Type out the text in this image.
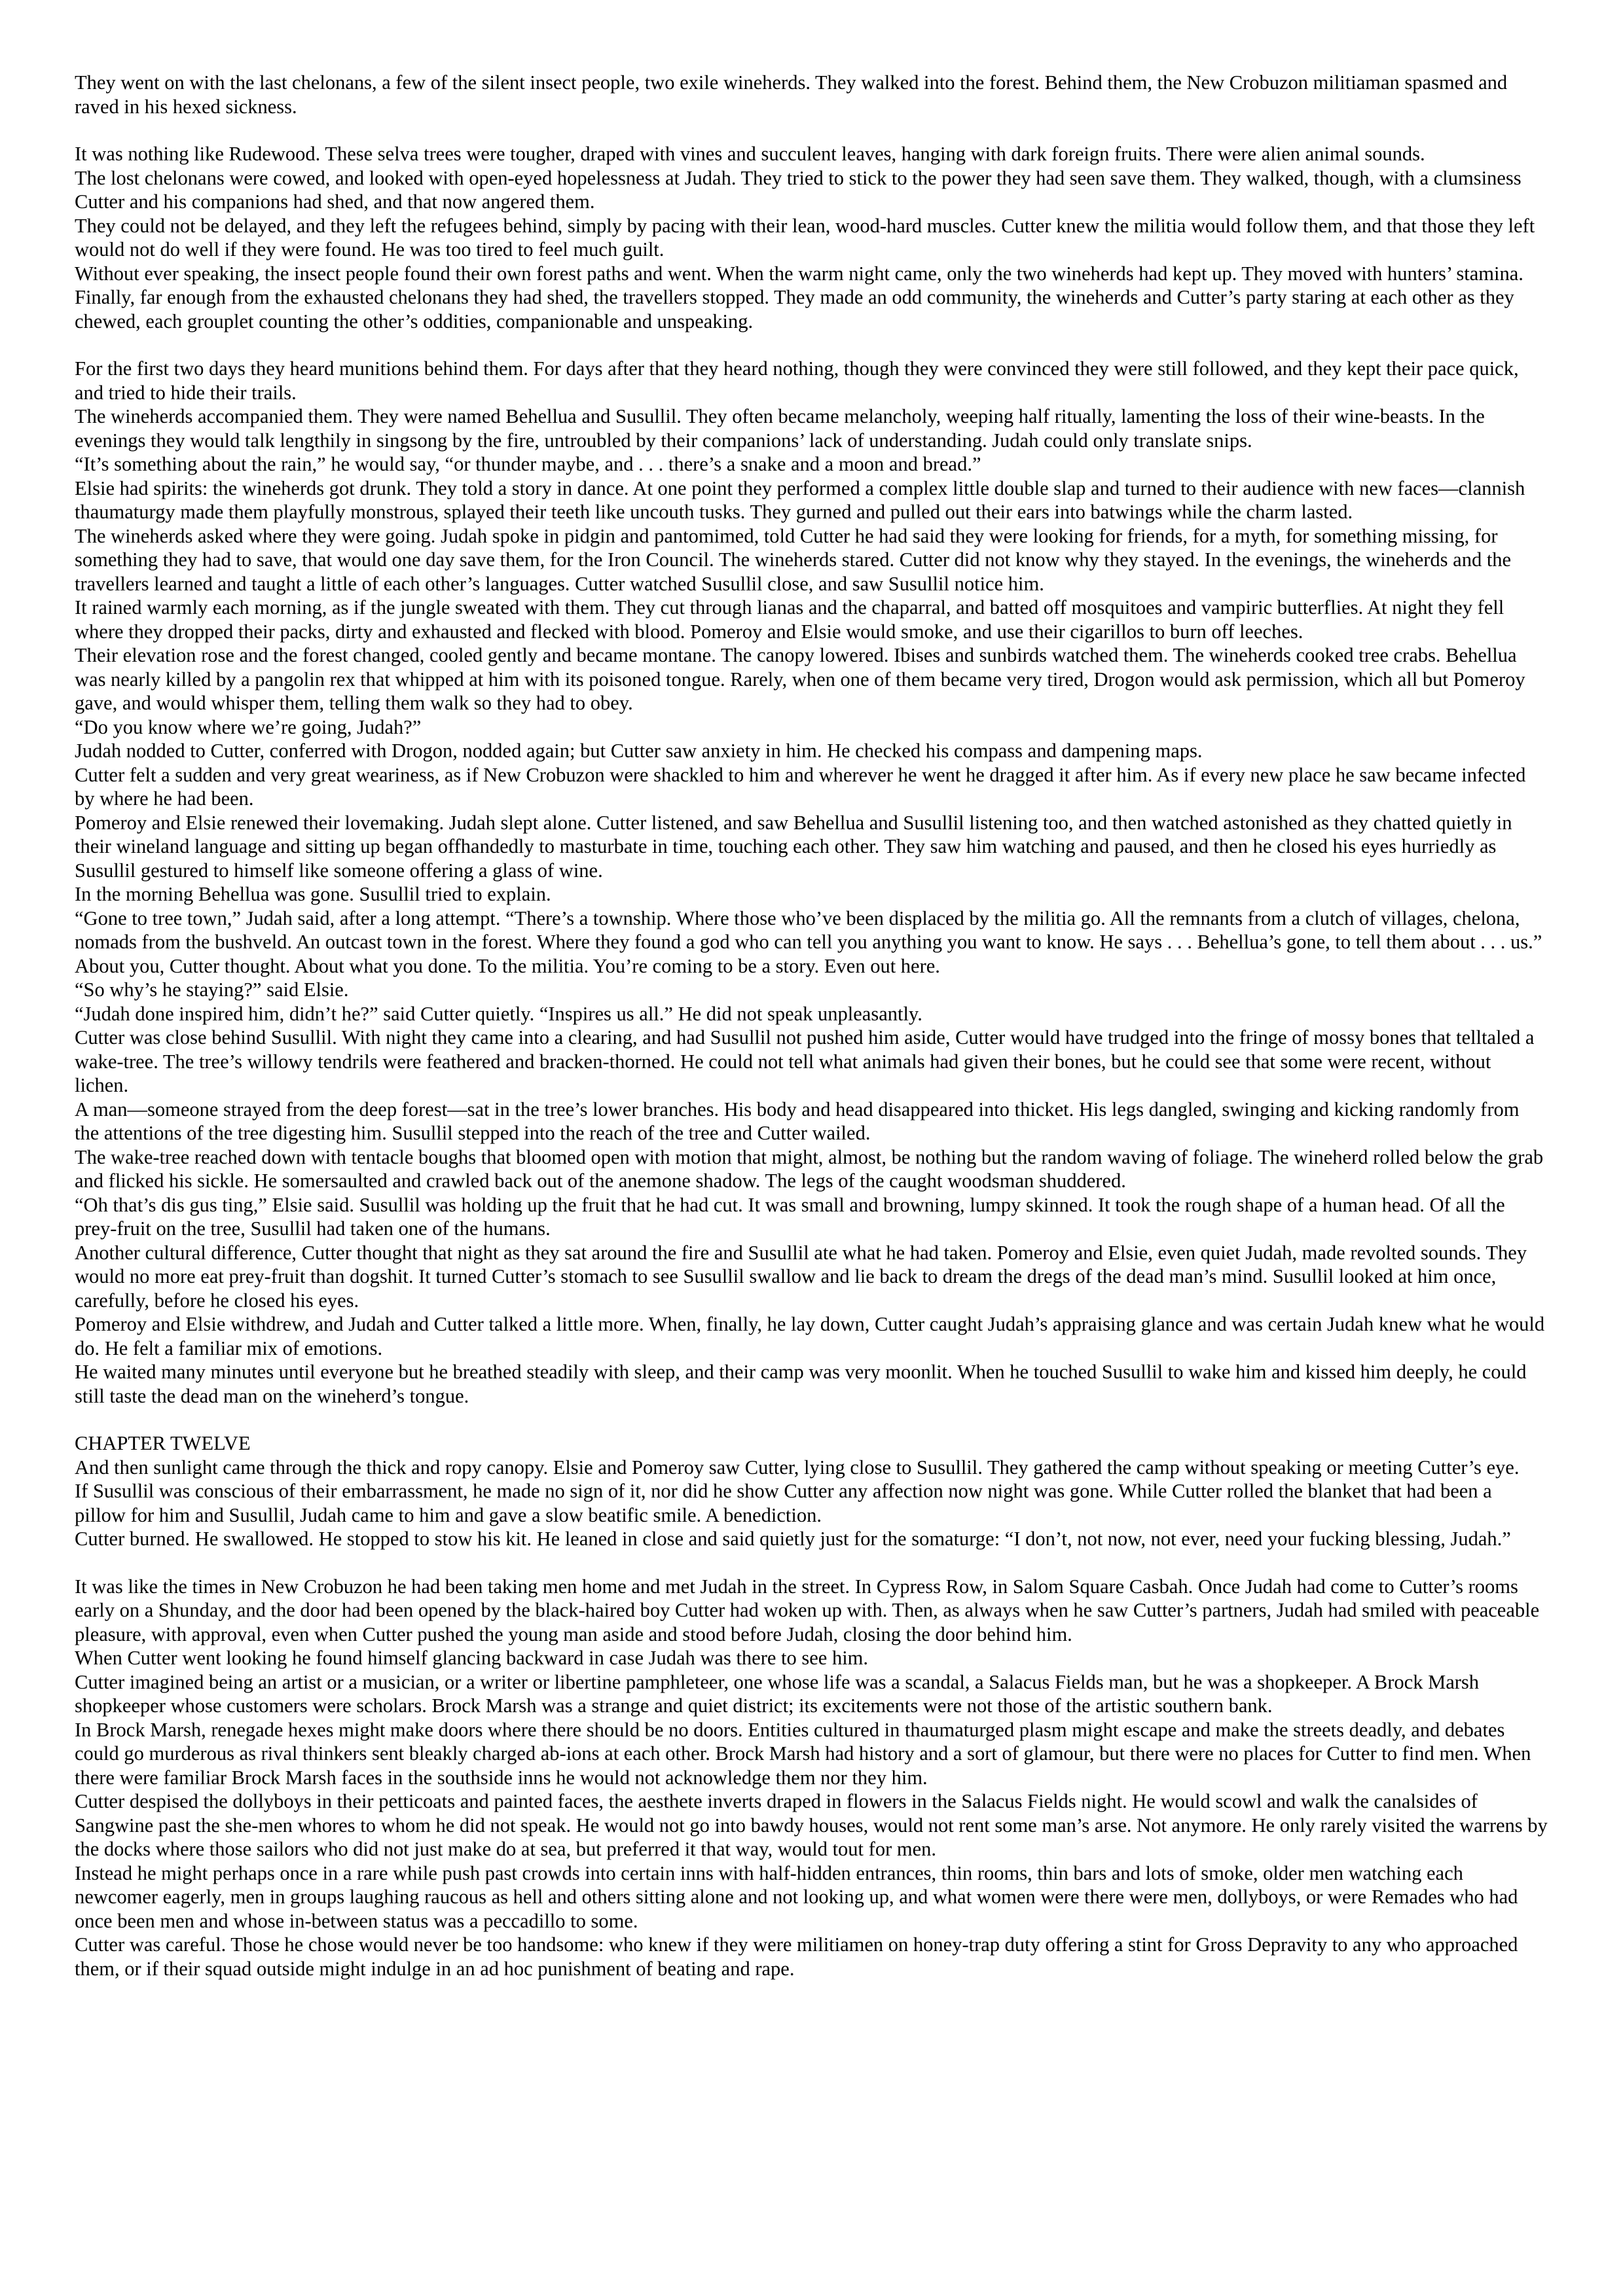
They went on with the last chelonans, a few of the silent insect people, two exile wineherds. They walked into the forest. Behind them, the New Crobuzon militiaman spasmed and raved in his hexed sickness.

It was nothing like Rudewood. These selva trees were tougher, draped with vines and succulent leaves, hanging with dark foreign fruits. There were alien animal sounds.

The lost chelonans were cowed, and looked with open-eyed hopelessness at Judah. They tried to stick to the power they had seen save them. They walked, though, with a clumsiness Cutter and his companions had shed, and that now angered them.

They could not be delayed, and they left the refugees behind, simply by pacing with their lean, wood-hard muscles. Cutter knew the militia would follow them, and that those they left would not do well if they were found. He was too tired to feel much guilt.

Without ever speaking, the insect people found their own forest paths and went. When the warm night came, only the two wineherds had kept up. They moved with hunters’ stamina. Finally, far enough from the exhausted chelonans they had shed, the travellers stopped. They made an odd community, the wineherds and Cutter’s party staring at each other as they chewed, each grouplet counting the other’s oddities, companionable and unspeaking.

For the first two days they heard munitions behind them. For days after that they heard nothing, though they were convinced they were still followed, and they kept their pace quick, and tried to hide their trails.

The wineherds accompanied them. They were named Behellua and Susullil. They often became melancholy, weeping half ritually, lamenting the loss of their wine-beasts. In the evenings they would talk lengthily in singsong by the fire, untroubled by their companions’ lack of understanding. Judah could only translate snips.

“It’s something about the rain,” he would say, “or thunder maybe, and . . . there’s a snake and a moon and bread.”

Elsie had spirits: the wineherds got drunk. They told a story in dance. At one point they performed a complex little double slap and turned to their audience with new faces—clannish thaumaturgy made them playfully monstrous, splayed their teeth like uncouth tusks. They gurned and pulled out their ears into batwings while the charm lasted.

The wineherds asked where they were going. Judah spoke in pidgin and pantomimed, told Cutter he had said they were looking for friends, for a myth, for something missing, for something they had to save, that would one day save them, for the Iron Council. The wineherds stared. Cutter did not know why they stayed. In the evenings, the wineherds and the travellers learned and taught a little of each other’s languages. Cutter watched Susullil close, and saw Susullil notice him.

It rained warmly each morning, as if the jungle sweated with them. They cut through lianas and the chaparral, and batted off mosquitoes and vampiric butterflies. At night they fell where they dropped their packs, dirty and exhausted and flecked with blood. Pomeroy and Elsie would smoke, and use their cigarillos to burn off leeches.

Their elevation rose and the forest changed, cooled gently and became montane. The canopy lowered. Ibises and sunbirds watched them. The wineherds cooked tree crabs. Behellua was nearly killed by a pangolin rex that whipped at him with its poisoned tongue. Rarely, when one of them became very tired, Drogon would ask permission, which all but Pomeroy gave, and would whisper them, telling them walk so they had to obey.

“Do you know where we’re going, Judah?”

Judah nodded to Cutter, conferred with Drogon, nodded again; but Cutter saw anxiety in him. He checked his compass and dampening maps.

Cutter felt a sudden and very great weariness, as if New Crobuzon were shackled to him and wherever he went he dragged it after him. As if every new place he saw became infected by where he had been.

Pomeroy and Elsie renewed their lovemaking. Judah slept alone. Cutter listened, and saw Behellua and Susullil listening too, and then watched astonished as they chatted quietly in their wineland language and sitting up began offhandedly to masturbate in time, touching each other. They saw him watching and paused, and then he closed his eyes hurriedly as Susullil gestured to himself like someone offering a glass of wine.

In the morning Behellua was gone. Susullil tried to explain.

“Gone to tree town,” Judah said, after a long attempt. “There’s a township. Where those who’ve been displaced by the militia go. All the remnants from a clutch of villages, chelona, nomads from the bushveld. An outcast town in the forest. Where they found a god who can tell you anything you want to know. He says . . . Behellua’s gone, to tell them about . . . us.”

About you, Cutter thought. About what you done. To the militia. You’re coming to be a story. Even out here.

“So why’s he staying?” said Elsie.

“Judah done inspired him, didn’t he?” said Cutter quietly. “Inspires us all.” He did not speak unpleasantly.

Cutter was close behind Susullil. With night they came into a clearing, and had Susullil not pushed him aside, Cutter would have trudged into the fringe of mossy bones that telltaled a wake-tree. The tree’s willowy tendrils were feathered and bracken-thorned. He could not tell what animals had given their bones, but he could see that some were recent, without lichen.

A man—someone strayed from the deep forest—sat in the tree’s lower branches. His body and head disappeared into thicket. His legs dangled, swinging and kicking randomly from the attentions of the tree digesting him. Susullil stepped into the reach of the tree and Cutter wailed.

The wake-tree reached down with tentacle boughs that bloomed open with motion that might, almost, be nothing but the random waving of foliage. The wineherd rolled below the grab and flicked his sickle. He somersaulted and crawled back out of the anemone shadow. The legs of the caught woodsman shuddered.

“Oh that’s dis gus ting,” Elsie said. Susullil was holding up the fruit that he had cut. It was small and browning, lumpy skinned. It took the rough shape of a human head. Of all the prey-fruit on the tree, Susullil had taken one of the humans.

Another cultural difference, Cutter thought that night as they sat around the fire and Susullil ate what he had taken. Pomeroy and Elsie, even quiet Judah, made revolted sounds. They would no more eat prey-fruit than dogshit. It turned Cutter’s stomach to see Susullil swallow and lie back to dream the dregs of the dead man’s mind. Susullil looked at him once, carefully, before he closed his eyes.

Pomeroy and Elsie withdrew, and Judah and Cutter talked a little more. When, finally, he lay down, Cutter caught Judah’s appraising glance and was certain Judah knew what he would do. He felt a familiar mix of emotions.

He waited many minutes until everyone but he breathed steadily with sleep, and their camp was very moonlit. When he touched Susullil to wake him and kissed him deeply, he could still taste the dead man on the wineherd’s tongue.

CHAPTER TWELVE

And then sunlight came through the thick and ropy canopy. Elsie and Pomeroy saw Cutter, lying close to Susullil. They gathered the camp without speaking or meeting Cutter’s eye.

If Susullil was conscious of their embarrassment, he made no sign of it, nor did he show Cutter any affection now night was gone. While Cutter rolled the blanket that had been a pillow for him and Susullil, Judah came to him and gave a slow beatific smile. A benediction.

Cutter burned. He swallowed. He stopped to stow his kit. He leaned in close and said quietly just for the somaturge: “I don’t, not now, not ever, need your fucking blessing, Judah.”

It was like the times in New Crobuzon he had been taking men home and met Judah in the street. In Cypress Row, in Salom Square Casbah. Once Judah had come to Cutter’s rooms early on a Shunday, and the door had been opened by the black-haired boy Cutter had woken up with. Then, as always when he saw Cutter’s partners, Judah had smiled with peaceable pleasure, with approval, even when Cutter pushed the young man aside and stood before Judah, closing the door behind him.

When Cutter went looking he found himself glancing backward in case Judah was there to see him.

Cutter imagined being an artist or a musician, or a writer or libertine pamphleteer, one whose life was a scandal, a Salacus Fields man, but he was a shopkeeper. A Brock Marsh shopkeeper whose customers were scholars. Brock Marsh was a strange and quiet district; its excitements were not those of the artistic southern bank.

In Brock Marsh, renegade hexes might make doors where there should be no doors. Entities cultured in thaumaturged plasm might escape and make the streets deadly, and debates could go murderous as rival thinkers sent bleakly charged ab-ions at each other. Brock Marsh had history and a sort of glamour, but there were no places for Cutter to find men. When there were familiar Brock Marsh faces in the southside inns he would not acknowledge them nor they him.

Cutter despised the dollyboys in their petticoats and painted faces, the aesthete inverts draped in flowers in the Salacus Fields night. He would scowl and walk the canalsides of Sangwine past the she-men whores to whom he did not speak. He would not go into bawdy houses, would not rent some man’s arse. Not anymore. He only rarely visited the warrens by the docks where those sailors who did not just make do at sea, but preferred it that way, would tout for men.

Instead he might perhaps once in a rare while push past crowds into certain inns with half-hidden entrances, thin rooms, thin bars and lots of smoke, older men watching each newcomer eagerly, men in groups laughing raucous as hell and others sitting alone and not looking up, and what women were there were men, dollyboys, or were Remades who had once been men and whose in-between status was a peccadillo to some.

Cutter was careful. Those he chose would never be too handsome: who knew if they were militiamen on honey-trap duty offering a stint for Gross Depravity to any who approached them, or if their squad outside might indulge in an ad hoc punishment of beating and rape.
